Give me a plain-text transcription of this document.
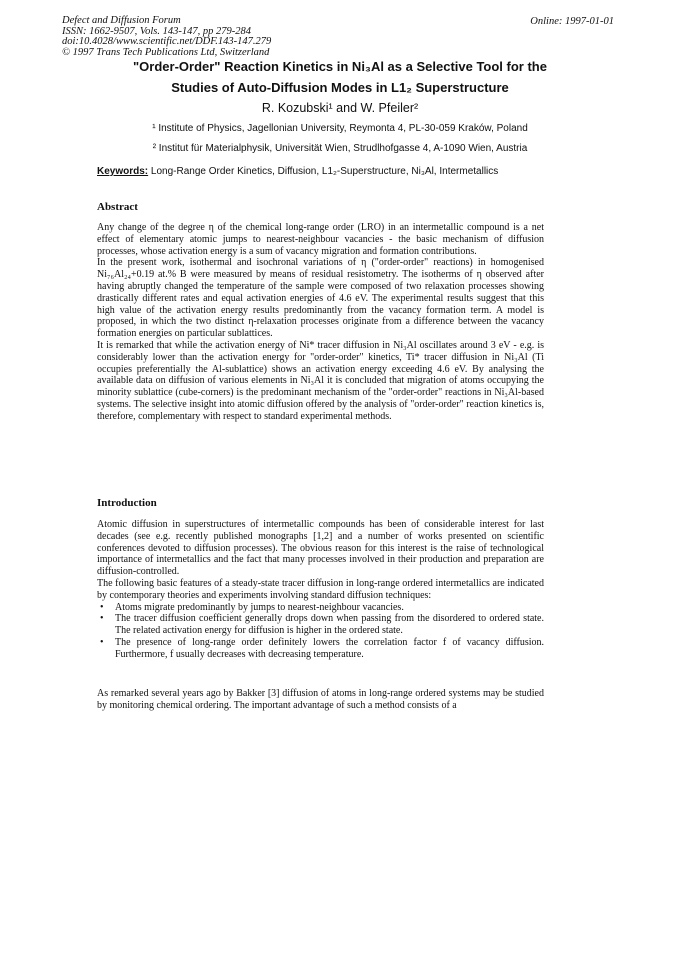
Defect and Diffusion Forum
ISSN: 1662-9507, Vols. 143-147, pp 279-284
doi:10.4028/www.scientific.net/DDF.143-147.279
© 1997 Trans Tech Publications Ltd, Switzerland
Online: 1997-01-01
"Order-Order" Reaction Kinetics in Ni₃Al as a Selective Tool for the
Studies of Auto-Diffusion Modes in L1₂ Superstructure
R. Kozubski¹ and W. Pfeiler²
¹ Institute of Physics, Jagellonian University, Reymonta 4, PL-30-059 Kraków, Poland
² Institut für Materialphysik, Universität Wien, Strudlhofgasse 4, A-1090 Wien, Austria
Keywords: Long-Range Order Kinetics, Diffusion, L1₂-Superstructure, Ni₃Al, Intermetallics
Abstract

Any change of the degree η of the chemical long-range order (LRO) in an intermetallic compound is a net effect of elementary atomic jumps to nearest-neighbour vacancies - the basic mechanism of diffusion processes, whose activation energy is a sum of vacancy migration and formation contributions.

In the present work, isothermal and isochronal variations of η ("order-order" reactions) in homogenised Ni₇₆Al₂₄+0.19 at.% B were measured by means of residual resistometry. The isotherms of η observed after having abruptly changed the temperature of the sample were composed of two relaxation processes showing drastically different rates and equal activation energies of 4.6 eV. The experimental results suggest that this high value of the activation energy results predominantly from the vacancy formation term. A model is proposed, in which the two distinct η-relaxation processes originate from a difference between the vacancy formation energies on particular sublattices.

It is remarked that while the activation energy of Ni* tracer diffusion in Ni₃Al oscillates around 3 eV - e.g. is considerably lower than the activation energy for "order-order" kinetics, Ti* tracer diffusion in Ni₃Al (Ti occupies preferentially the Al-sublattice) shows an activation energy exceeding 4.6 eV. By analysing the available data on diffusion of various elements in Ni₃Al it is concluded that migration of atoms occupying the minority sublattice (cube-corners) is the predominant mechanism of the "order-order" reactions in Ni₃Al-based systems. The selective insight into atomic diffusion offered by the analysis of "order-order" reaction kinetics is, therefore, complementary with respect to standard experimental methods.

Introduction

Atomic diffusion in superstructures of intermetallic compounds has been of considerable interest for last decades (see e.g. recently published monographs [1,2] and a number of works presented on scientific conferences devoted to diffusion processes). The obvious reason for this interest is the raise of technological importance of intermetallics and the fact that many processes involved in their production and preparation are diffusion-controlled.

The following basic features of a steady-state tracer diffusion in long-range ordered intermetallics are indicated by contemporary theories and experiments involving standard diffusion techniques:

• Atoms migrate predominantly by jumps to nearest-neighbour vacancies.
• The tracer diffusion coefficient generally drops down when passing from the disordered to ordered state. The related activation energy for diffusion is higher in the ordered state.
• The presence of long-range order definitely lowers the correlation factor f of vacancy diffusion. Furthermore, f usually decreases with decreasing temperature.
As remarked several years ago by Bakker [3] diffusion of atoms in long-range ordered systems may be studied by monitoring chemical ordering. The important advantage of such a method consists of a
